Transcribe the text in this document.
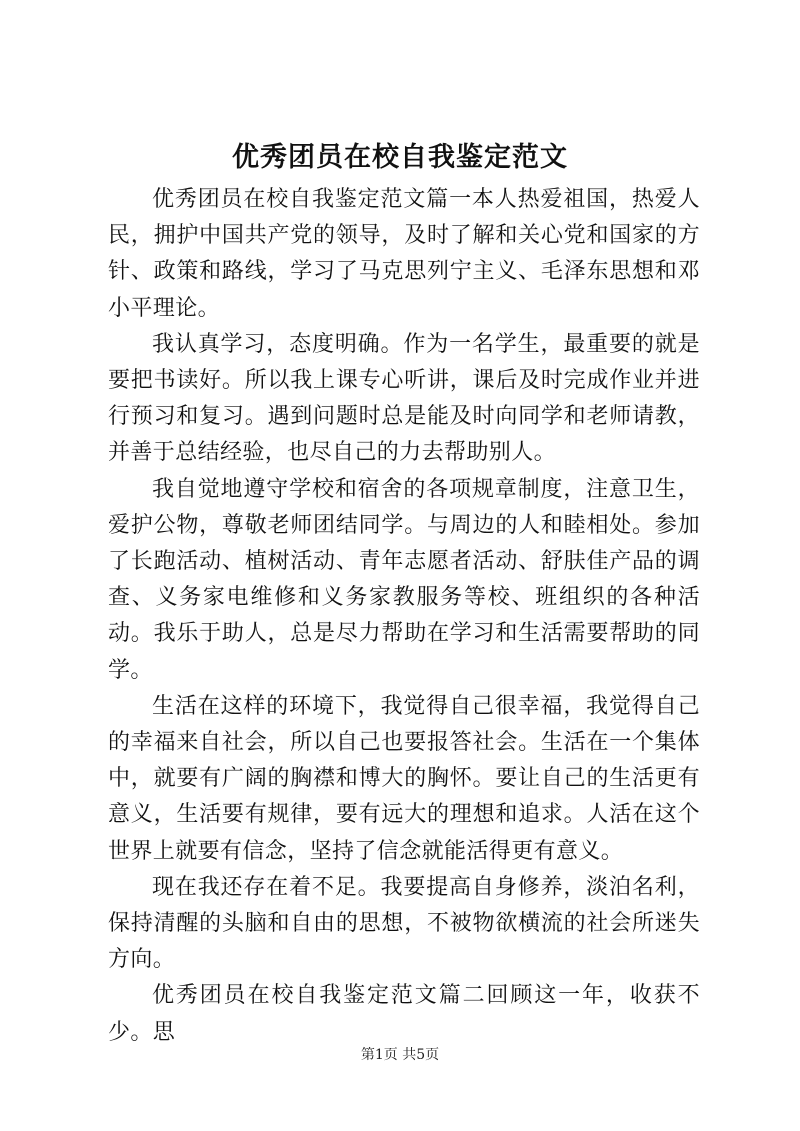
优秀团员在校自我鉴定范文

优秀团员在校自我鉴定范文篇一本人热爱祖国，热爱人民，拥护中国共产党的领导，及时了解和关心党和国家的方针、政策和路线，学习了马克思列宁主义、毛泽东思想和邓小平理论。

我认真学习，态度明确。作为一名学生，最重要的就是要把书读好。所以我上课专心听讲，课后及时完成作业并进行预习和复习。遇到问题时总是能及时向同学和老师请教，并善于总结经验，也尽自己的力去帮助别人。

我自觉地遵守学校和宿舍的各项规章制度，注意卫生，爱护公物，尊敬老师团结同学。与周边的人和睦相处。参加了长跑活动、植树活动、青年志愿者活动、舒肤佳产品的调查、义务家电维修和义务家教服务等校、班组织的各种活动。我乐于助人，总是尽力帮助在学习和生活需要帮助的同学。

生活在这样的环境下，我觉得自己很幸福，我觉得自己的幸福来自社会，所以自己也要报答社会。生活在一个集体中，就要有广阔的胸襟和博大的胸怀。要让自己的生活更有意义，生活要有规律，要有远大的理想和追求。人活在这个世界上就要有信念，坚持了信念就能活得更有意义。

现在我还存在着不足。我要提高自身修养，淡泊名利，保持清醒的头脑和自由的思想，不被物欲横流的社会所迷失方向。

优秀团员在校自我鉴定范文篇二回顾这一年，收获不少。思

第1页 共5页
